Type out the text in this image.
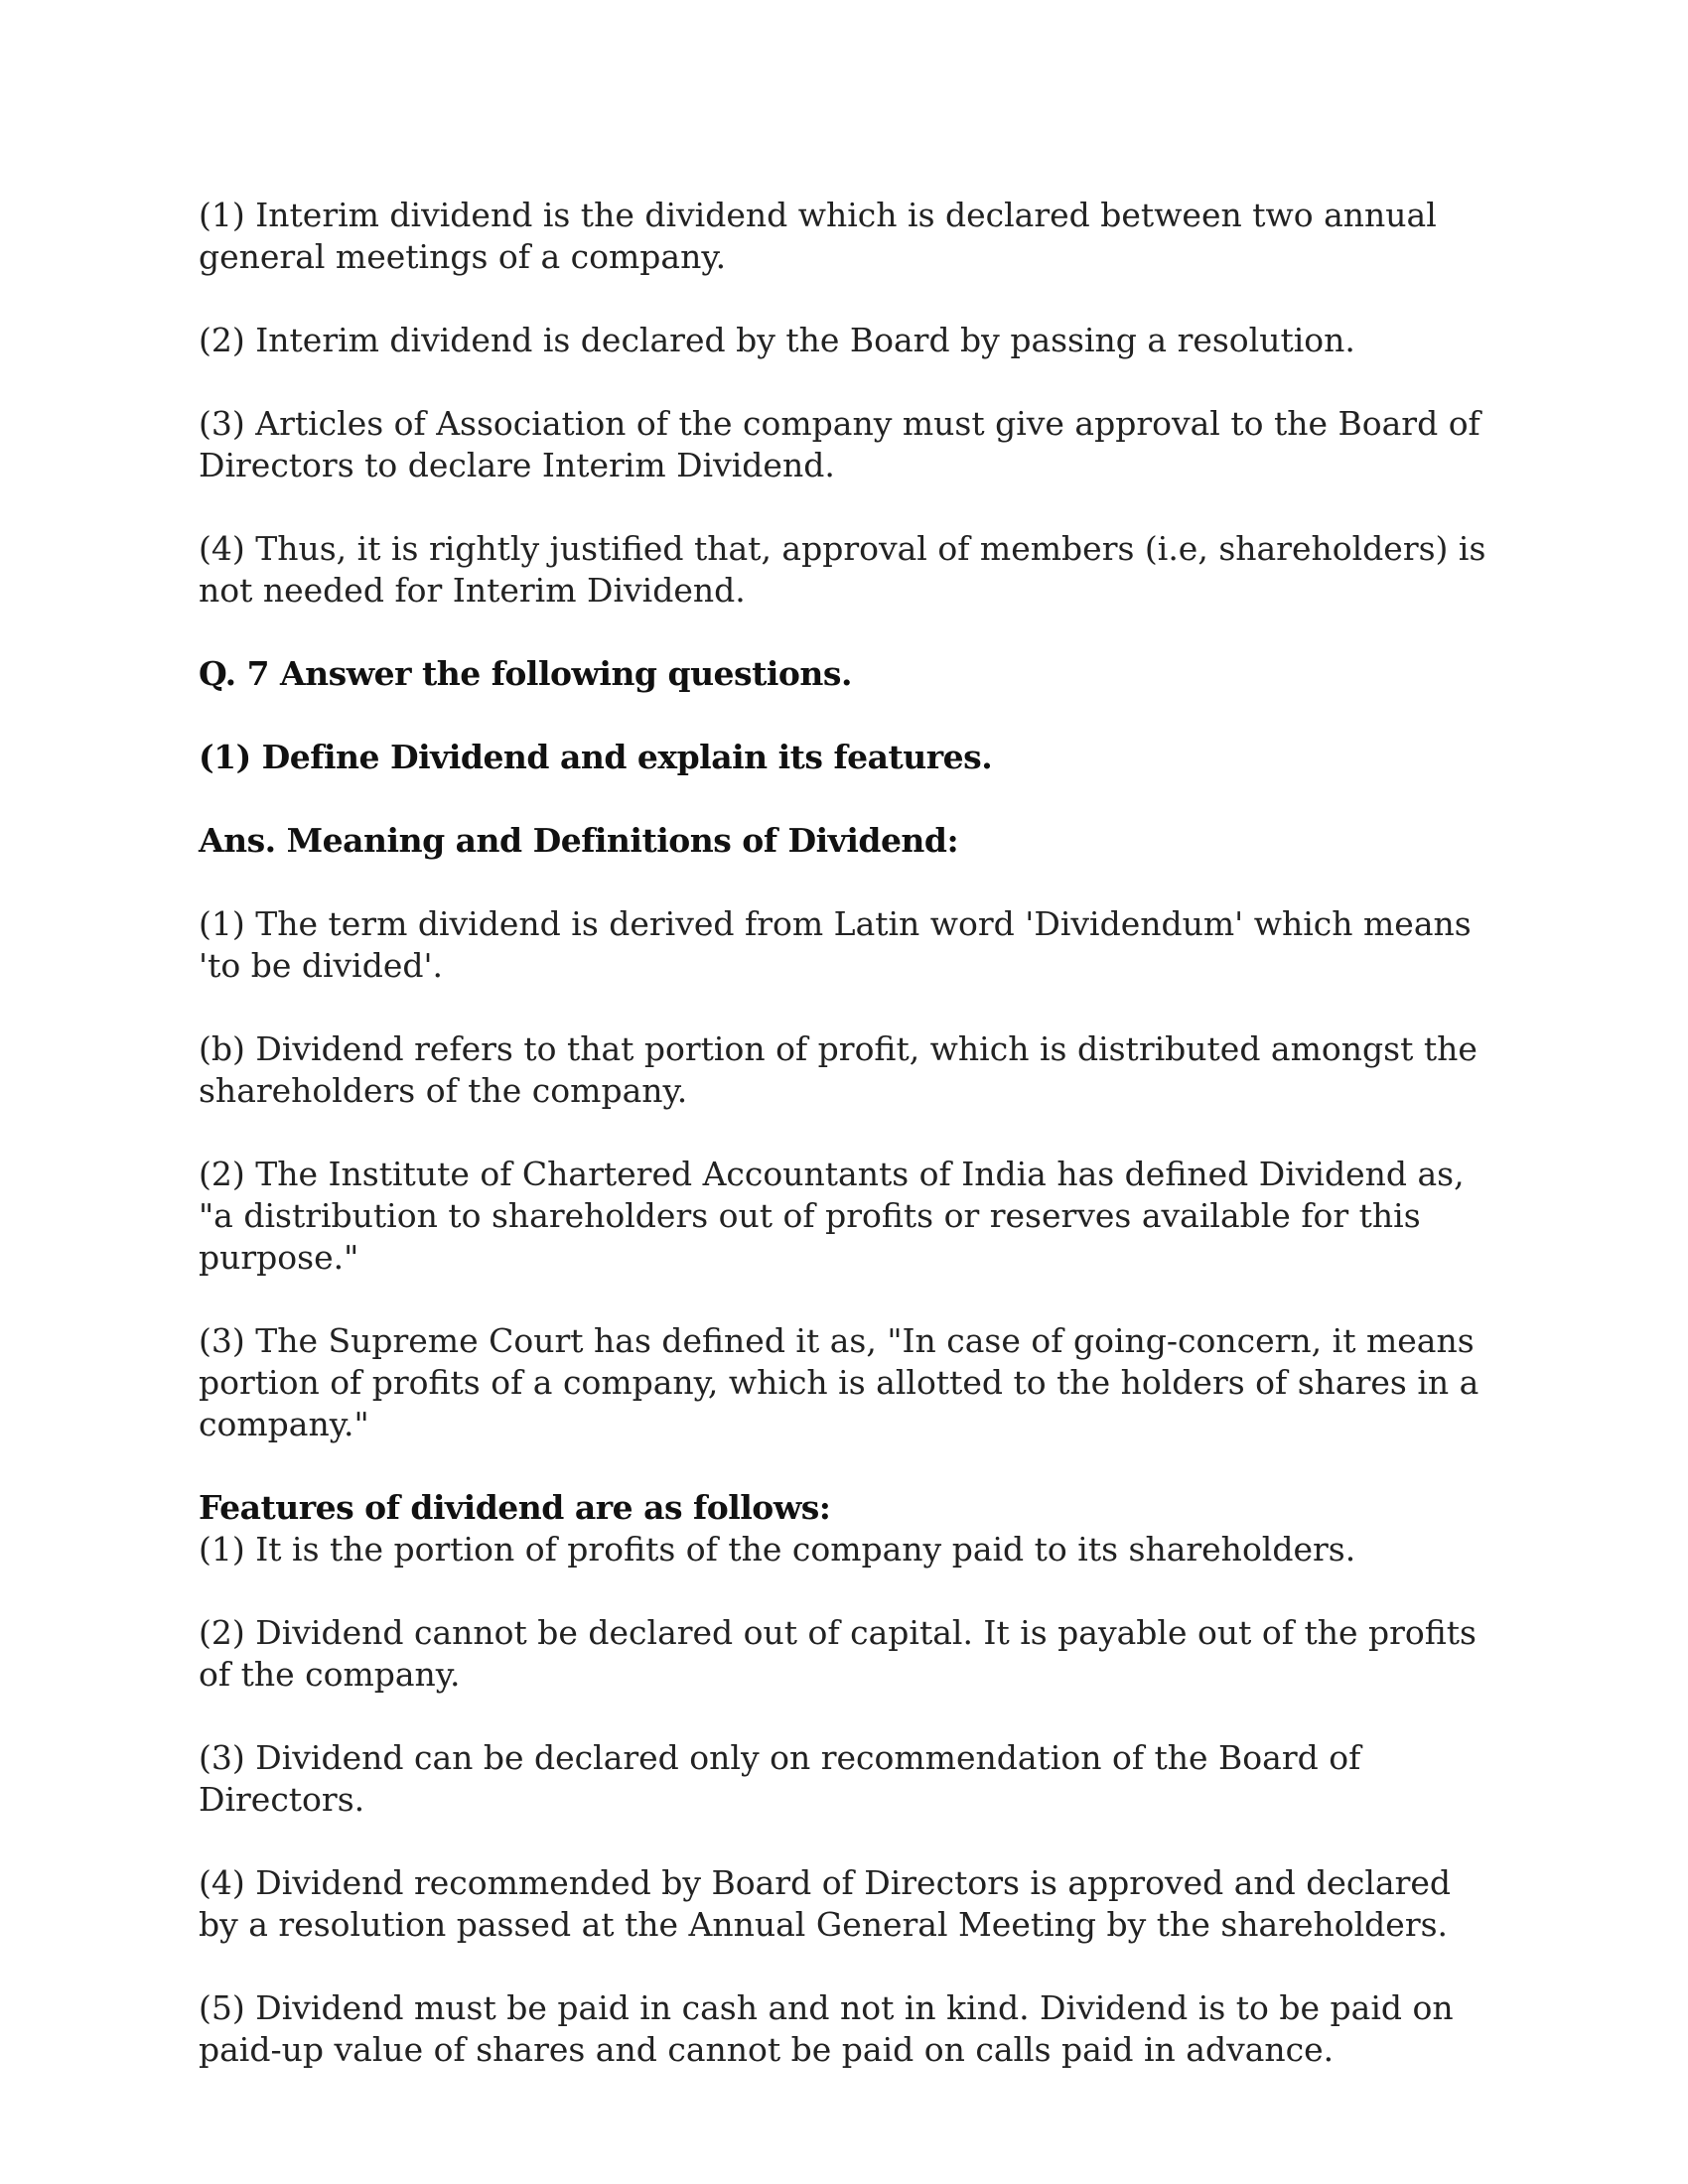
(1) Interim dividend is the dividend which is declared between two annual general meetings of a company.

(2) Interim dividend is declared by the Board by passing a resolution.

(3) Articles of Association of the company must give approval to the Board of Directors to declare Interim Dividend.

(4) Thus, it is rightly justified that, approval of members (i.e, shareholders) is not needed for Interim Dividend.

Q. 7 Answer the following questions.

(1) Define Dividend and explain its features.

Ans. Meaning and Definitions of Dividend:

(1) The term dividend is derived from Latin word 'Dividendum' which means 'to be divided'.

(b) Dividend refers to that portion of profit, which is distributed amongst the shareholders of the company.

(2) The Institute of Chartered Accountants of India has defined Dividend as, "a distribution to shareholders out of profits or reserves available for this purpose."

(3) The Supreme Court has defined it as, "In case of going-concern, it means portion of profits of a company, which is allotted to the holders of shares in a company."

Features of dividend are as follows:

(1) It is the portion of profits of the company paid to its shareholders.

(2) Dividend cannot be declared out of capital. It is payable out of the profits of the company.

(3) Dividend can be declared only on recommendation of the Board of Directors.

(4) Dividend recommended by Board of Directors is approved and declared by a resolution passed at the Annual General Meeting by the shareholders.

(5) Dividend must be paid in cash and not in kind. Dividend is to be paid on paid-up value of shares and cannot be paid on calls paid in advance.
